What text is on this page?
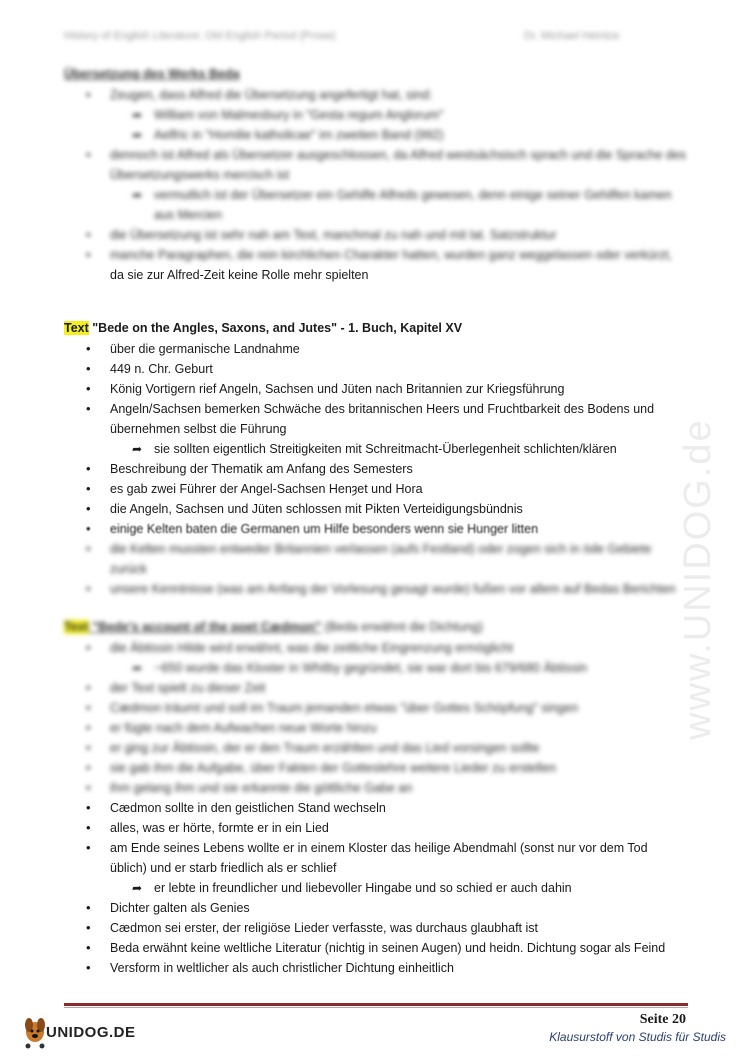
History of English Literature: Old English Period (Prose)	Dr. Michael Heintze

Übersetzung des Werks Beda

• Zeugen, dass Alfred die Übersetzung angefertigt hat, sind:
➦ William von Malmesbury in "Gesta regum Anglorum"
➦ Aelfric in "Homilie katholicae" im zweiten Band (992)
• dennoch ist Alfred als Übersetzer ausgeschlossen, da Alfred westsächsisch sprach und die Sprache des Übersetzungswerks mercisch ist
➦ vermutlich ist der Übersetzer ein Gehilfe Alfreds gewesen, denn einige seiner Gehilfen kamen aus Mercien
• die Übersetzung ist sehr nah am Text, manchmal zu nah und mit lat. Satzstruktur
• manche Paragraphen, die rein kirchlichen Charakter hatten, wurden ganz weggelassen oder verkürzt,
da sie zur Alfred-Zeit keine Rolle mehr spielten

Text "Bede on the Angles, Saxons, and Jutes" - 1. Buch, Kapitel XV

• über die germanische Landnahme
• 449 n. Chr. Geburt
• König Vortigern rief Angeln, Sachsen und Jüten nach Britannien zur Kriegsführung
• Angeln/Sachsen bemerken Schwäche des britannischen Heers und Fruchtbarkeit des Bodens und
übernehmen selbst die Führung
➦ sie sollten eigentlich Streitigkeiten mit Schreitmacht-Überlegenheit schlichten/klären
• Beschreibung der Thematik am Anfang des Semesters
• es gab zwei Führer der Angel-Sachsen Henȝet und Hora
• die Angeln, Sachsen und Jüten schlossen mit Pikten Verteidigungsbündnis
• einige Kelten baten die Germanen um Hilfe besonders wenn sie Hunger litten
• die Kelten mussten entweder Britannien verlassen (aufs Festland) oder zogen sich in öde Gebiete
zurück
• unsere Kenntnisse (was am Anfang der Vorlesung gesagt wurde) fußen vor allem auf Bedas Berichten

Text "Bede's account of the poet Cædmon" (Beda erwähnt die Dichtung)

• die Äbtissin Hilde wird erwähnt, was die zeitliche Eingrenzung ermöglicht
➦ ~650 wurde das Kloster in Whitby gegründet, sie war dort bis 679/680 Äbtissin
• der Text spielt zu dieser Zeit
• Cædmon träumt und soll im Traum jemanden etwas "über Gottes Schöpfung" singen
• er fügte nach dem Aufwachen neue Worte hinzu
• er ging zur Äbtissin, der er den Traum erzählten und das Lied vorsingen sollte
• sie gab ihm die Aufgabe, über Fakten der Gotteslehre weitere Lieder zu erstellen
• ihm gelang ihm und sie erkannte die göttliche Gabe an
• Cædmon sollte in den geistlichen Stand wechseln
• alles, was er hörte, formte er in ein Lied
• am Ende seines Lebens wollte er in einem Kloster das heilige Abendmahl (sonst nur vor dem Tod
üblich) und er starb friedlich als er schlief
➦ er lebte in freundlicher und liebevoller Hingabe und so schied er auch dahin
• Dichter galten als Genies
• Cædmon sei erster, der religiöse Lieder verfasste, was durchaus glaubhaft ist
• Beda erwähnt keine weltliche Literatur (nichtig in seinen Augen) und heidn. Dichtung sogar als Feind
• Versform in weltlicher als auch christlicher Dichtung einheitlich
www.UNIDOG.de
UNIDOG.DE
Seite 20
Klausurstoff von Studis für Studis
